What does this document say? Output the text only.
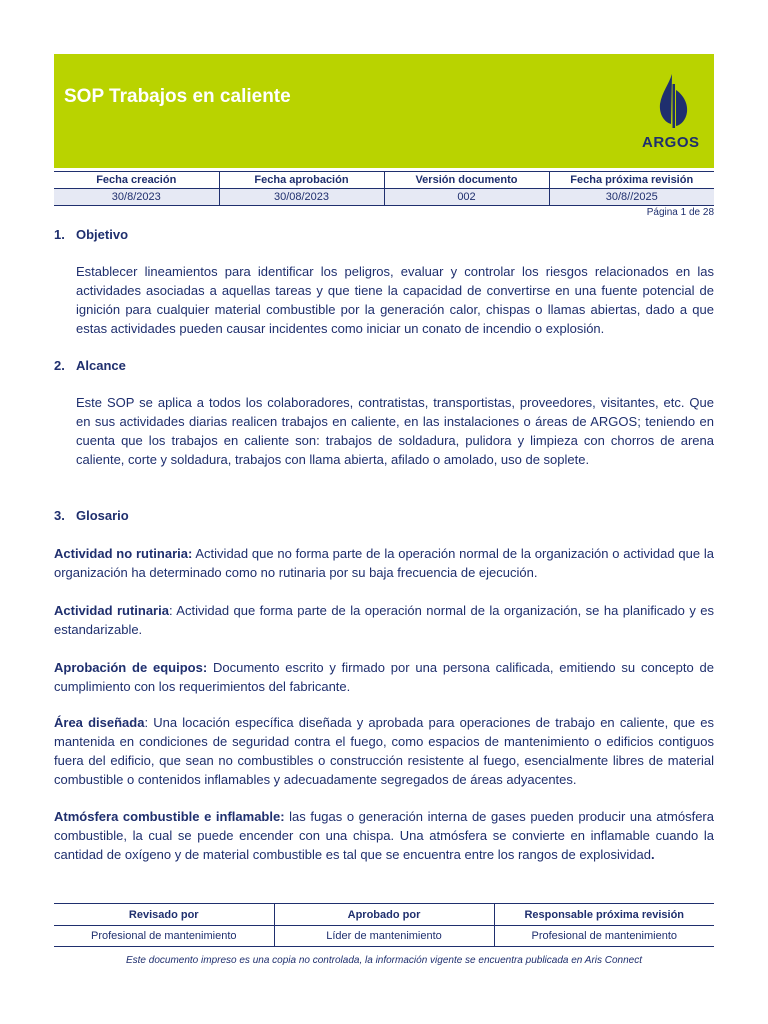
SOP Trabajos en caliente
ARGOS
Fecha creación	Fecha aprobación	Versión documento	Fecha próxima revisión
30/8/2023	30/08/2023	002	30/8//2025
Página 1 de 28
1. Objetivo
Establecer lineamientos para identificar los peligros, evaluar y controlar los riesgos relacionados en las actividades asociadas a aquellas tareas y que tiene la capacidad de convertirse en una fuente potencial de ignición para cualquier material combustible por la generación calor, chispas o llamas abiertas, dado a que estas actividades pueden causar incidentes como iniciar un conato de incendio o explosión.
2. Alcance
Este SOP se aplica a todos los colaboradores, contratistas, transportistas, proveedores, visitantes, etc. Que en sus actividades diarias realicen trabajos en caliente, en las instalaciones o áreas de ARGOS; teniendo en cuenta que los trabajos en caliente son: trabajos de soldadura, pulidora y limpieza con chorros de arena caliente, corte y soldadura, trabajos con llama abierta, afilado o amolado, uso de soplete.
3. Glosario
Actividad no rutinaria: Actividad que no forma parte de la operación normal de la organización o actividad que la organización ha determinado como no rutinaria por su baja frecuencia de ejecución.
Actividad rutinaria: Actividad que forma parte de la operación normal de la organización, se ha planificado y es estandarizable.
Aprobación de equipos: Documento escrito y firmado por una persona calificada, emitiendo su concepto de cumplimiento con los requerimientos del fabricante.
Área diseñada: Una locación específica diseñada y aprobada para operaciones de trabajo en caliente, que es mantenida en condiciones de seguridad contra el fuego, como espacios de mantenimiento o edificios contiguos fuera del edificio, que sean no combustibles o construcción resistente al fuego, esencialmente libres de material combustible o contenidos inflamables y adecuadamente segregados de áreas adyacentes.
Atmósfera combustible e inflamable: las fugas o generación interna de gases pueden producir una atmósfera combustible, la cual se puede encender con una chispa. Una atmósfera se convierte en inflamable cuando la cantidad de oxígeno y de material combustible es tal que se encuentra entre los rangos de explosividad.
Revisado por	Aprobado por	Responsable próxima revisión
Profesional de mantenimiento	Líder de mantenimiento	Profesional de mantenimiento
Este documento impreso es una copia no controlada, la información vigente se encuentra publicada en Aris Connect
